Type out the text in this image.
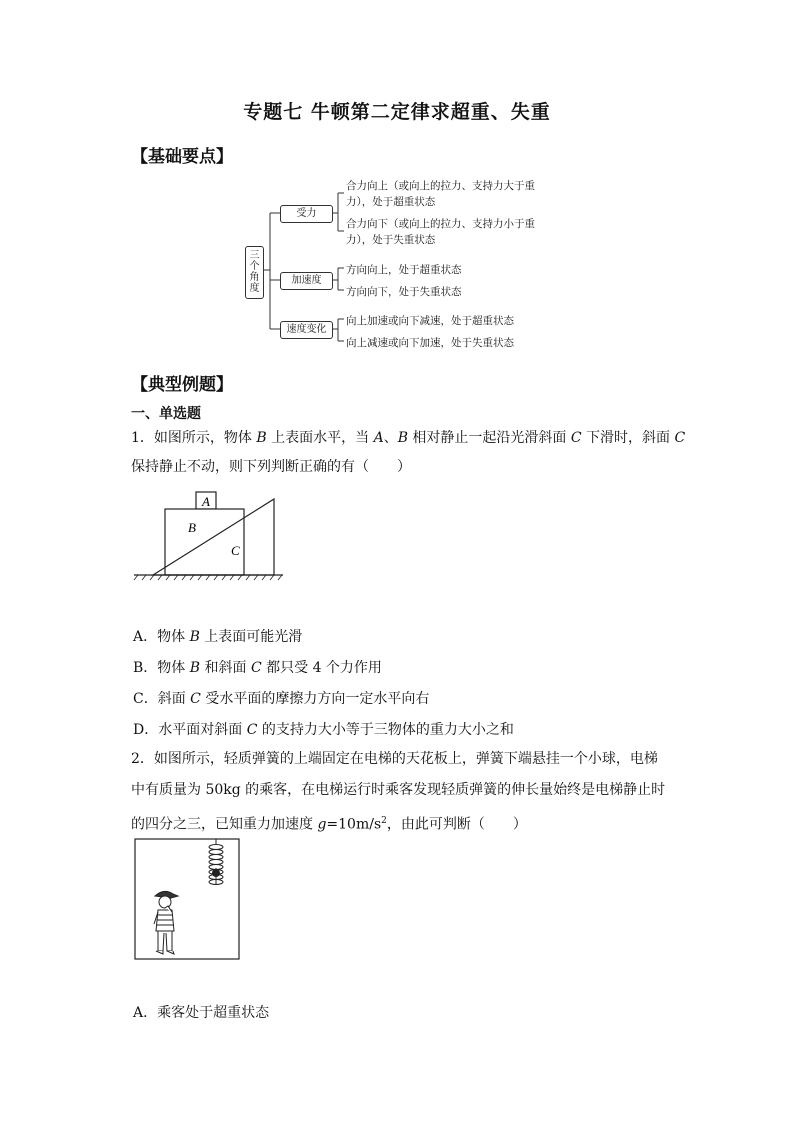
专题七 牛顿第二定律求超重、失重
【基础要点】
三
个
角
度
受力
加速度
速度变化
合力向上（或向上的拉力、支持力大于重
力），处于超重状态
合力向下（或向上的拉力、支持力小于重
力），处于失重状态
方向向上，处于超重状态
方向向下，处于失重状态
向上加速或向下减速，处于超重状态
向上减速或向下加速，处于失重状态
【典型例题】
一、单选题
1．如图所示，物体 B 上表面水平，当 A、B 相对静止一起沿光滑斜面 C 下滑时，斜面 C
保持静止不动，则下列判断正确的有（　　）
A
B
C
A．物体 B 上表面可能光滑
B．物体 B 和斜面 C 都只受 4 个力作用
C．斜面 C 受水平面的摩擦力方向一定水平向右
D．水平面对斜面 C 的支持力大小等于三物体的重力大小之和
2．如图所示，轻质弹簧的上端固定在电梯的天花板上，弹簧下端悬挂一个小球，电梯
中有质量为 50kg 的乘客，在电梯运行时乘客发现轻质弹簧的伸长量始终是电梯静止时
的四分之三，已知重力加速度 $g=10m/s^2$，由此可判断（　　）
A．乘客处于超重状态
